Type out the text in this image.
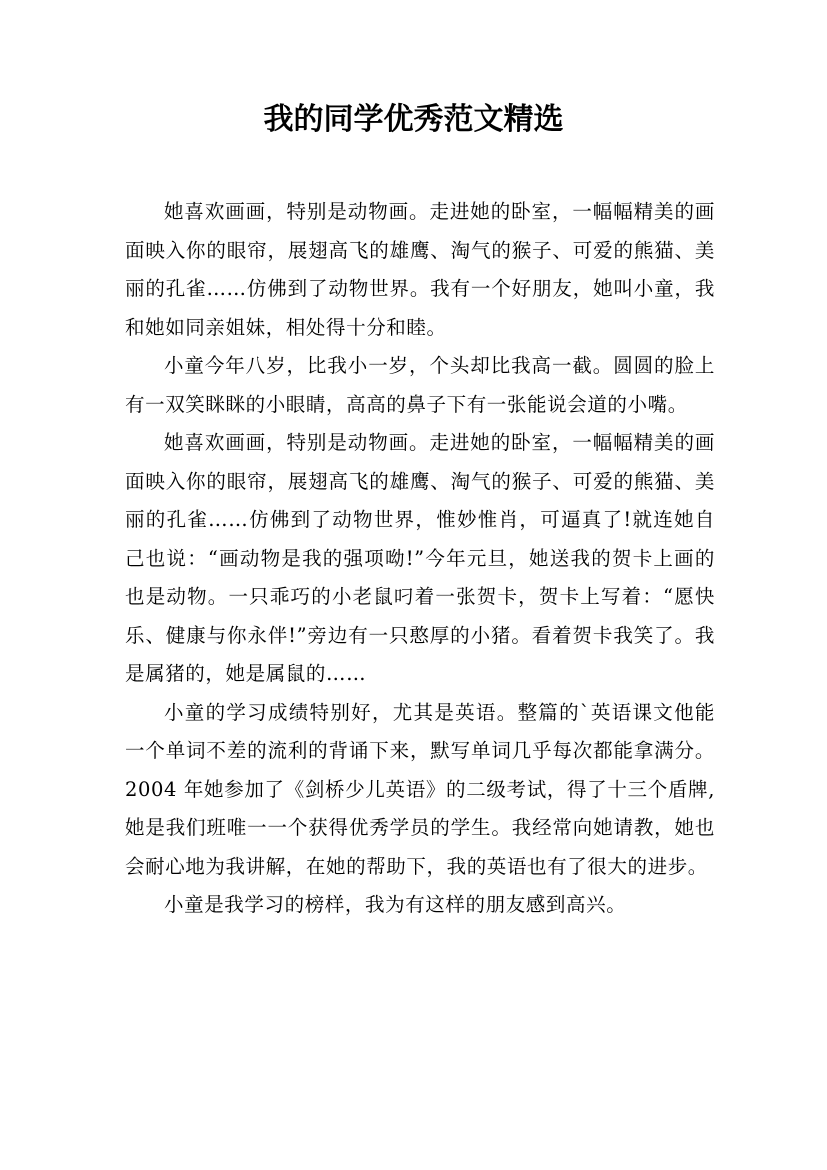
我的同学优秀范文精选

她喜欢画画，特别是动物画。走进她的卧室，一幅幅精美的画面映入你的眼帘，展翅高飞的雄鹰、淘气的猴子、可爱的熊猫、美丽的孔雀……仿佛到了动物世界。我有一个好朋友，她叫小童，我和她如同亲姐妹，相处得十分和睦。

小童今年八岁，比我小一岁，个头却比我高一截。圆圆的脸上有一双笑眯眯的小眼睛，高高的鼻子下有一张能说会道的小嘴。

她喜欢画画，特别是动物画。走进她的卧室，一幅幅精美的画面映入你的眼帘，展翅高飞的雄鹰、淘气的猴子、可爱的熊猫、美丽的孔雀……仿佛到了动物世界，惟妙惟肖，可逼真了!就连她自己也说：“画动物是我的强项呦!”今年元旦，她送我的贺卡上画的也是动物。一只乖巧的小老鼠叼着一张贺卡，贺卡上写着：“愿快乐、健康与你永伴!”旁边有一只憨厚的小猪。看着贺卡我笑了。我是属猪的，她是属鼠的……

小童的学习成绩特别好，尤其是英语。整篇的`英语课文他能一个单词不差的流利的背诵下来，默写单词几乎每次都能拿满分。2004 年她参加了《剑桥少儿英语》的二级考试，得了十三个盾牌,她是我们班唯一一个获得优秀学员的学生。我经常向她请教，她也会耐心地为我讲解，在她的帮助下，我的英语也有了很大的进步。

小童是我学习的榜样，我为有这样的朋友感到高兴。
